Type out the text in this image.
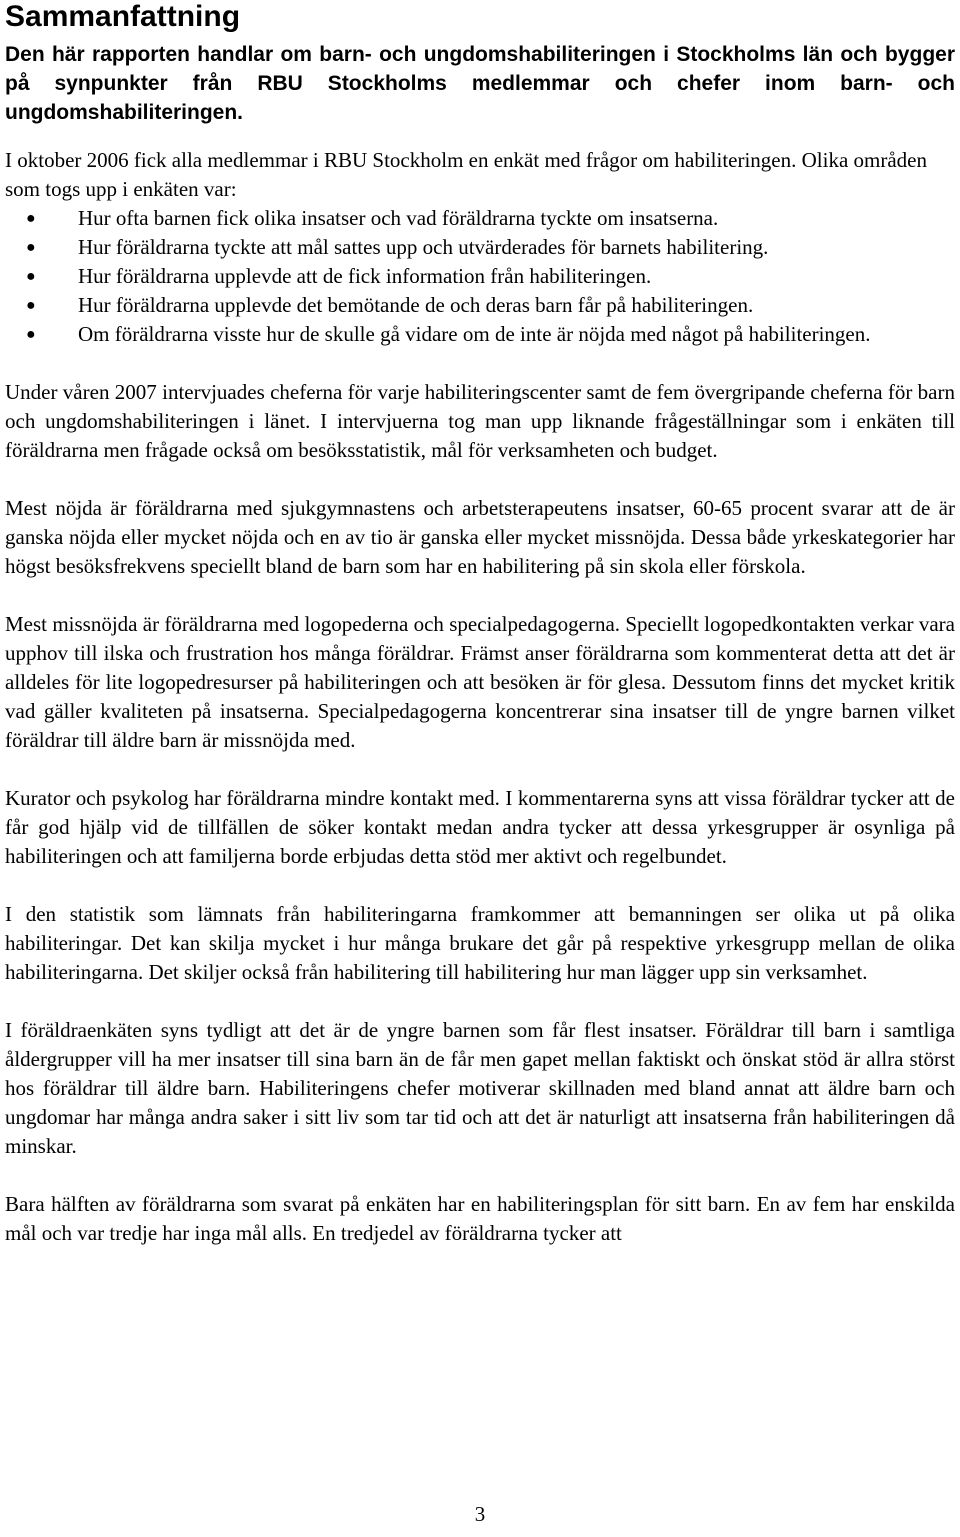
Sammanfattning

Den här rapporten handlar om barn- och ungdomshabiliteringen i Stockholms län och bygger på synpunkter från RBU Stockholms medlemmar och chefer inom barn- och ungdomshabiliteringen.

I oktober 2006 fick alla medlemmar i RBU Stockholm en enkät med frågor om habiliteringen. Olika områden som togs upp i enkäten var:

● Hur ofta barnen fick olika insatser och vad föräldrarna tyckte om insatserna.
● Hur föräldrarna tyckte att mål sattes upp och utvärderades för barnets habilitering.
● Hur föräldrarna upplevde att de fick information från habiliteringen.
● Hur föräldrarna upplevde det bemötande de och deras barn får på habiliteringen.
● Om föräldrarna visste hur de skulle gå vidare om de inte är nöjda med något på habiliteringen.

Under våren 2007 intervjuades cheferna för varje habiliteringscenter samt de fem övergripande cheferna för barn och ungdomshabiliteringen i länet. I intervjuerna tog man upp liknande frågeställningar som i enkäten till föräldrarna men frågade också om besöksstatistik, mål för verksamheten och budget.

Mest nöjda är föräldrarna med sjukgymnastens och arbetsterapeutens insatser, 60-65 procent svarar att de är ganska nöjda eller mycket nöjda och en av tio är ganska eller mycket missnöjda. Dessa både yrkeskategorier har högst besöksfrekvens speciellt bland de barn som har en habilitering på sin skola eller förskola.

Mest missnöjda är föräldrarna med logopederna och specialpedagogerna. Speciellt logopedkontakten verkar vara upphov till ilska och frustration hos många föräldrar. Främst anser föräldrarna som kommenterat detta att det är alldeles för lite logopedresurser på habiliteringen och att besöken är för glesa. Dessutom finns det mycket kritik vad gäller kvaliteten på insatserna. Specialpedagogerna koncentrerar sina insatser till de yngre barnen vilket föräldrar till äldre barn är missnöjda med.

Kurator och psykolog har föräldrarna mindre kontakt med. I kommentarerna syns att vissa föräldrar tycker att de får god hjälp vid de tillfällen de söker kontakt medan andra tycker att dessa yrkesgrupper är osynliga på habiliteringen och att familjerna borde erbjudas detta stöd mer aktivt och regelbundet.

I den statistik som lämnats från habiliteringarna framkommer att bemanningen ser olika ut på olika habiliteringar. Det kan skilja mycket i hur många brukare det går på respektive yrkesgrupp mellan de olika habiliteringarna. Det skiljer också från habilitering till habilitering hur man lägger upp sin verksamhet.

I föräldraenkäten syns tydligt att det är de yngre barnen som får flest insatser. Föräldrar till barn i samtliga åldergrupper vill ha mer insatser till sina barn än de får men gapet mellan faktiskt och önskat stöd är allra störst hos föräldrar till äldre barn. Habiliteringens chefer motiverar skillnaden med bland annat att äldre barn och ungdomar har många andra saker i sitt liv som tar tid och att det är naturligt att insatserna från habiliteringen då minskar.

Bara hälften av föräldrarna som svarat på enkäten har en habiliteringsplan för sitt barn. En av fem har enskilda mål och var tredje har inga mål alls. En tredjedel av föräldrarna tycker att

3
